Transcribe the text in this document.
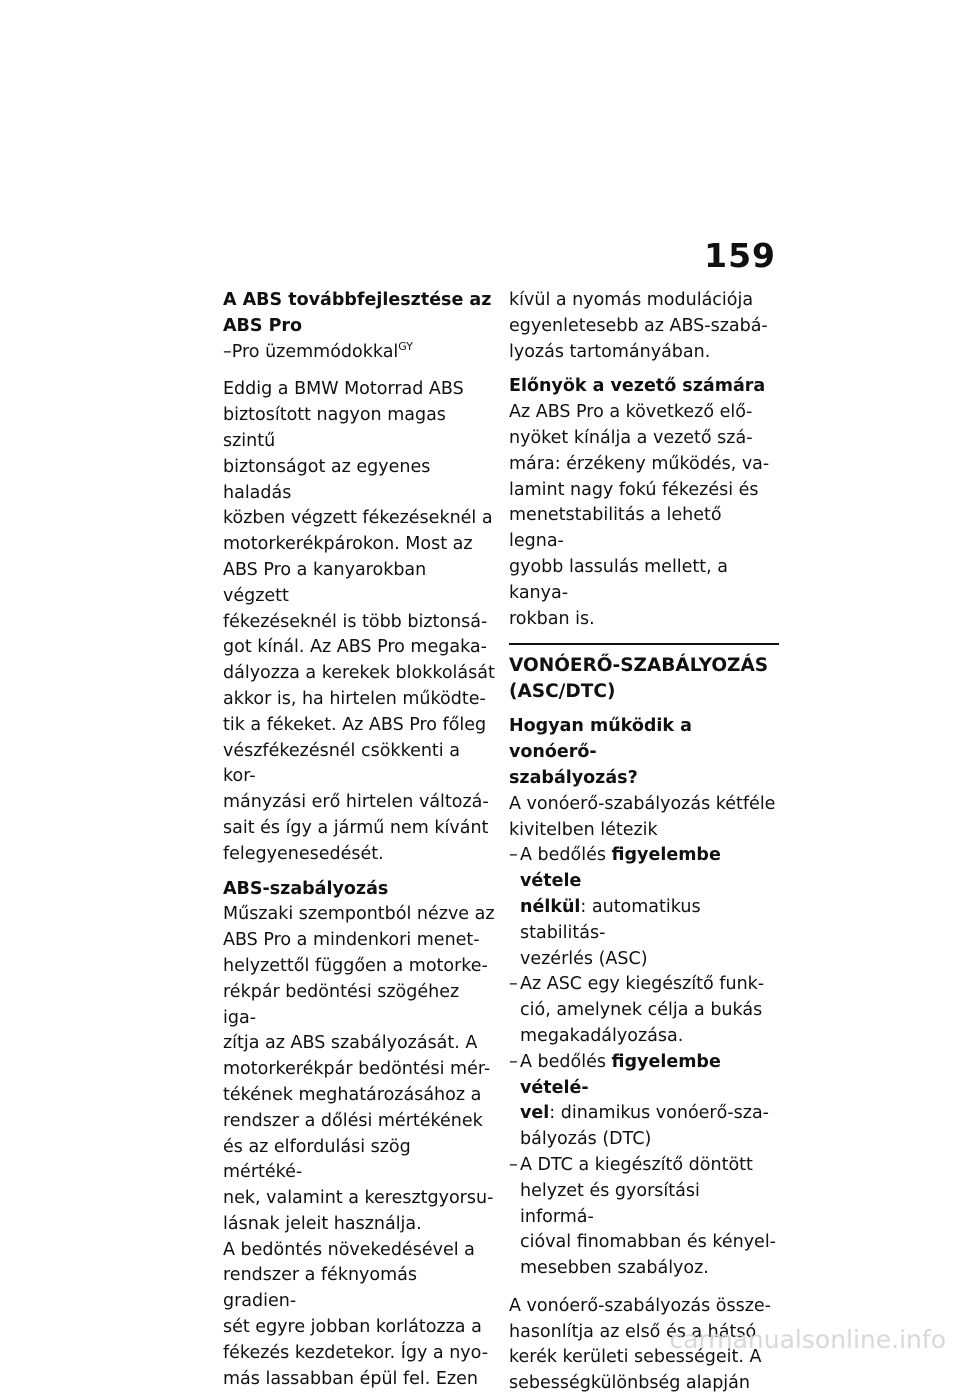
159

A ABS továbbfejlesztése az
ABS Pro

–Pro üzemmódokkal$^{GY}$

Eddig a BMW Motorrad ABS
biztosított nagyon magas szintű
biztonságot az egyenes haladás
közben végzett fékezéseknél a
motorkerékpárokon. Most az
ABS Pro a kanyarokban végzett
fékezéseknél is több biztonsá-
got kínál. Az ABS Pro megaka-
dályozza a kerekek blokkolását
akkor is, ha hirtelen működte-
tik a fékeket. Az ABS Pro főleg
vészfékezésnél csökkenti a kor-
mányzási erő hirtelen változá-
sait és így a jármű nem kívánt
felegyenesedését.

ABS-szabályozás

Műszaki szempontból nézve az
ABS Pro a mindenkori menet-
helyzettől függően a motorke-
rékpár bedöntési szögéhez iga-
zítja az ABS szabályozását. A
motorkerékpár bedöntési mér-
tékének meghatározásához a
rendszer a dőlési mértékének
és az elfordulási szög mértéké-
nek, valamint a keresztgyorsu-
lásnak jeleit használja.

A bedöntés növekedésével a
rendszer a féknyomás gradien-
sét egyre jobban korlátozza a
fékezés kezdetekor. Így a nyo-
más lassabban épül fel. Ezen

kívül a nyomás modulációja
egyenletesebb az ABS-szabá-
lyozás tartományában.

Előnyök a vezető számára

Az ABS Pro a következő elő-
nyöket kínálja a vezető szá-
mára: érzékeny működés, va-
lamint nagy fokú fékezési és
menetstabilitás a lehető legna-
gyobb lassulás mellett, a kanya-
rokban is.

VONÓERŐ-SZABÁLYOZÁS
(ASC/DTC)

Hogyan működik a vonóerő-
szabályozás?

A vonóerő-szabályozás kétféle
kivitelben létezik

– A bedőlés figyelembe vétele
nélkül: automatikus stabilitás-
vezérlés (ASC)
– Az ASC egy kiegészítő funk-
ció, amelynek célja a bukás
megakadályozása.
– A bedőlés figyelembe vételé-
vel: dinamikus vonóerő-sza-
bályozás (DTC)
– A DTC a kiegészítő döntött
helyzet és gyorsítási informá-
cióval finomabban és kényel-
mesebben szabályoz.

A vonóerő-szabályozás össze-
hasonlítja az első és a hátsó
kerék kerületi sebességeit. A
sebességkülönbség alapján

carmanualsonline.info
